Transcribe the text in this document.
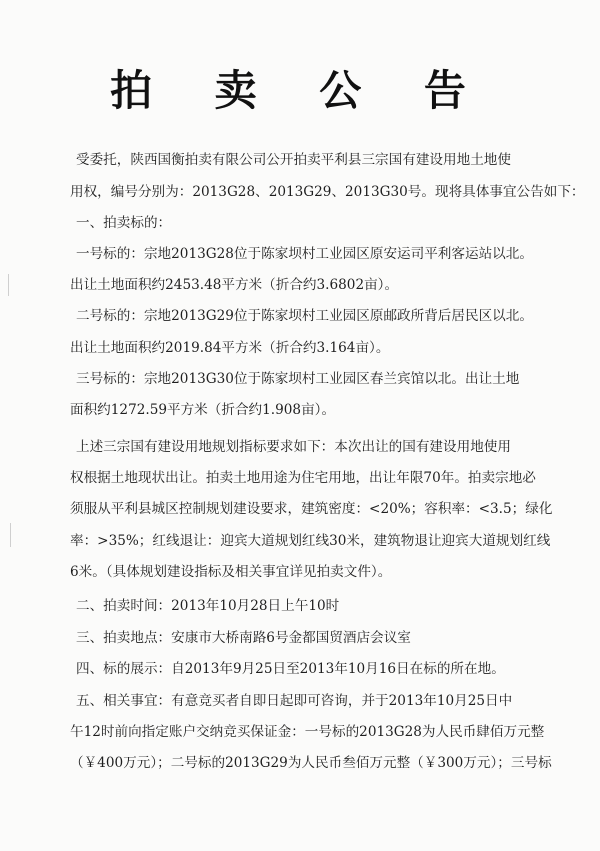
拍 卖 公 告
受委托，陕西国衡拍卖有限公司公开拍卖平利县三宗国有建设用地土地使
用权，编号分别为：2013G28、2013G29、2013G30号。现将具体事宜公告如下：
一、拍卖标的：
一号标的：宗地2013G28位于陈家坝村工业园区原安运司平利客运站以北。
出让土地面积约2453.48平方米（折合约3.6802亩）。
二号标的：宗地2013G29位于陈家坝村工业园区原邮政所背后居民区以北。
出让土地面积约2019.84平方米（折合约3.164亩）。
三号标的：宗地2013G30位于陈家坝村工业园区春兰宾馆以北。出让土地
面积约1272.59平方米（折合约1.908亩）。
上述三宗国有建设用地规划指标要求如下：本次出让的国有建设用地使用
权根据土地现状出让。拍卖土地用途为住宅用地，出让年限70年。拍卖宗地必
须服从平利县城区控制规划建设要求，建筑密度：<20%；容积率：<3.5；绿化
率：>35%；红线退让：迎宾大道规划红线30米，建筑物退让迎宾大道规划红线
6米。（具体规划建设指标及相关事宜详见拍卖文件）。
二、拍卖时间：2013年10月28日上午10时
三、拍卖地点：安康市大桥南路6号金都国贸酒店会议室
四、标的展示：自2013年9月25日至2013年10月16日在标的所在地。
五、相关事宜：有意竞买者自即日起即可咨询，并于2013年10月25日中
午12时前向指定账户交纳竞买保证金：一号标的2013G28为人民币肆佰万元整
（￥400万元）；二号标的2013G29为人民币叁佰万元整（￥300万元）；三号标
